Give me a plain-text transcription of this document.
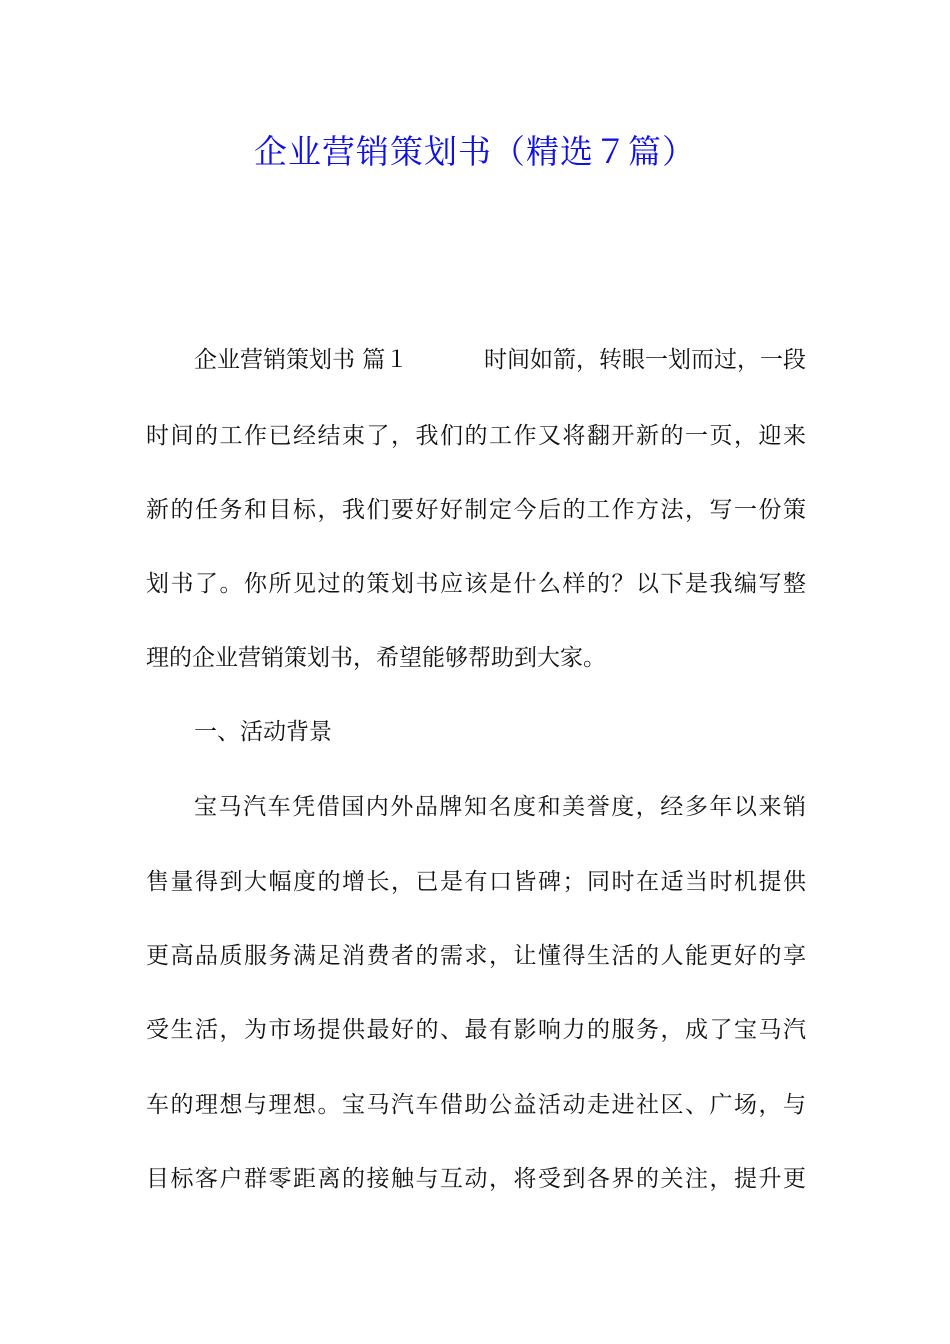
企业营销策划书（精选７篇）
企业营销策划书 篇１	时间如箭，转眼一划而过，一段
时间的工作已经结束了，我们的工作又将翻开新的一页，迎来
新的任务和目标，我们要好好制定今后的工作方法，写一份策
划书了。你所见过的策划书应该是什么样的？以下是我编写整
理的企业营销策划书，希望能够帮助到大家。
一、活动背景
宝马汽车凭借国内外品牌知名度和美誉度，经多年以来销
售量得到大幅度的增长，已是有口皆碑；同时在适当时机提供
更高品质服务满足消费者的需求，让懂得生活的人能更好的享
受生活，为市场提供最好的、最有影响力的服务，成了宝马汽
车的理想与理想。宝马汽车借助公益活动走进社区、广场，与
目标客户群零距离的接触与互动，将受到各界的关注，提升更
